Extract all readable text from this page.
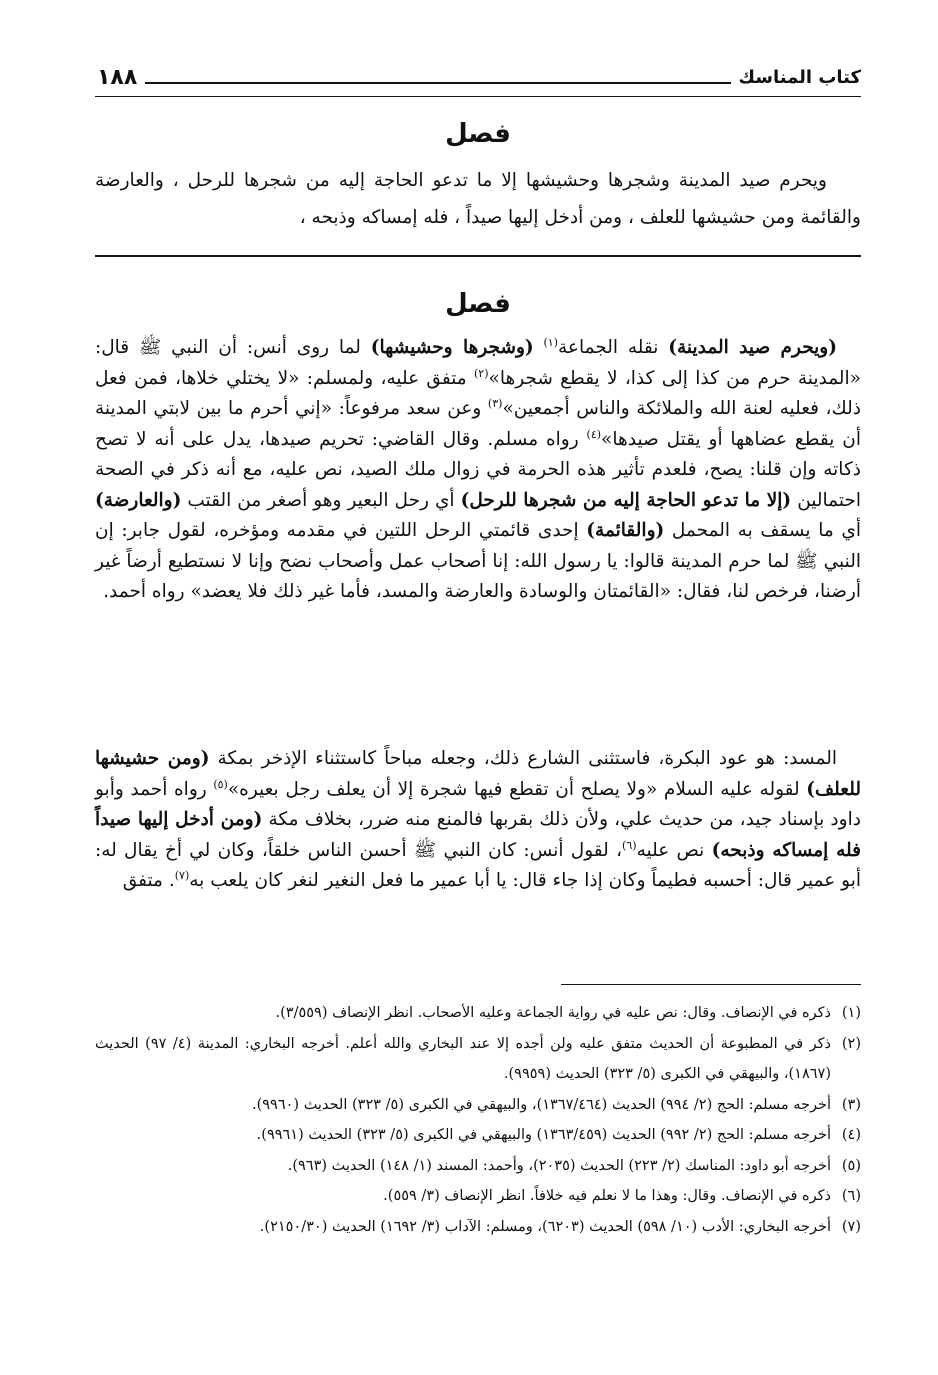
كتاب المناسك
١٨٨
فصل

ويحرم صيد المدينة وشجرها وحشيشها إلا ما تدعو الحاجة إليه من شجرها للرحل ، والعارضة والقائمة ومن حشيشها للعلف ، ومن أدخل إليها صيداً ، فله إمساكه وذبحه ،

فصل

(ويحرم صيد المدينة) نقله الجماعة$^{(١)}$ (وشجرها وحشيشها) لما روى أنس: أن النبي ﷺ قال: «المدينة حرم من كذا إلى كذا، لا يقطع شجرها»$^{(٢)}$ متفق عليه، ولمسلم: «لا يختلي خلاها، فمن فعل ذلك، فعليه لعنة الله والملائكة والناس أجمعين»$^{(٣)}$ وعن سعد مرفوعاً: «إني أحرم ما بين لابتي المدينة أن يقطع عضاهها أو يقتل صيدها»$^{(٤)}$ رواه مسلم. وقال القاضي: تحريم صيدها، يدل على أنه لا تصح ذكاته وإن قلنا: يصح، فلعدم تأثير هذه الحرمة في زوال ملك الصيد، نص عليه، مع أنه ذكر في الصحة احتمالين (إلا ما تدعو الحاجة إليه من شجرها للرحل) أي رحل البعير وهو أصغر من القتب (والعارضة) أي ما يسقف به المحمل (والقائمة) إحدى قائمتي الرحل اللتين في مقدمه ومؤخره، لقول جابر: إن النبي ﷺ لما حرم المدينة قالوا: يا رسول الله: إنا أصحاب عمل وأصحاب نضح وإنا لا نستطيع أرضاً غير أرضنا، فرخص لنا، فقال: «القائمتان والوسادة والعارضة والمسد، فأما غير ذلك فلا يعضد» رواه أحمد.

المسد: هو عود البكرة، فاستثنى الشارع ذلك، وجعله مباحاً كاستثناء الإذخر بمكة (ومن حشيشها للعلف) لقوله عليه السلام «ولا يصلح أن تقطع فيها شجرة إلا أن يعلف رجل بعيره»$^{(٥)}$ رواه أحمد وأبو داود بإسناد جيد، من حديث علي، ولأن ذلك بقربها فالمنع منه ضرر، بخلاف مكة (ومن أدخل إليها صيداً فله إمساكه وذبحه) نص عليه$^{(٦)}$، لقول أنس: كان النبي ﷺ أحسن الناس خلقاً، وكان لي أخ يقال له: أبو عمير قال: أحسبه فطيماً وكان إذا جاء قال: يا أبا عمير ما فعل النغير لنغر كان يلعب به$^{(٧)}$. متفق

(١)
ذكره في الإنصاف. وقال: نص عليه في رواية الجماعة وعليه الأصحاب. انظر الإنصاف (٣/٥٥٩).
(٢)
ذكر في المطبوعة أن الحديث متفق عليه ولن أجده إلا عند البخاري والله أعلم. أخرجه البخاري: المدينة (٤/ ٩٧) الحديث (١٨٦٧)، والبيهقي في الكبرى (٥/ ٣٢٣) الحديث (٩٩٥٩).
(٣)
أخرجه مسلم: الحج (٢/ ٩٩٤) الحديث (١٣٦٧/٤٦٤)، والبيهقي في الكبرى (٥/ ٣٢٣) الحديث (٩٩٦٠).
(٤)
أخرجه مسلم: الحج (٢/ ٩٩٢) الحديث (١٣٦٣/٤٥٩) والبيهقي في الكبرى (٥/ ٣٢٣) الحديث (٩٩٦١).
(٥)
أخرجه أبو داود: المناسك (٢/ ٢٢٣) الحديث (٢٠٣٥)، وأحمد: المسند (١/ ١٤٨) الحديث (٩٦٣).
(٦)
ذكره في الإنصاف. وقال: وهذا ما لا نعلم فيه خلافاً. انظر الإنصاف (٣/ ٥٥٩).
(٧)
أخرجه البخاري: الأدب (١٠/ ٥٩٨) الحديث (٦٢٠٣)، ومسلم: الآداب (٣/ ١٦٩٢) الحديث (٢١٥٠/٣٠).
